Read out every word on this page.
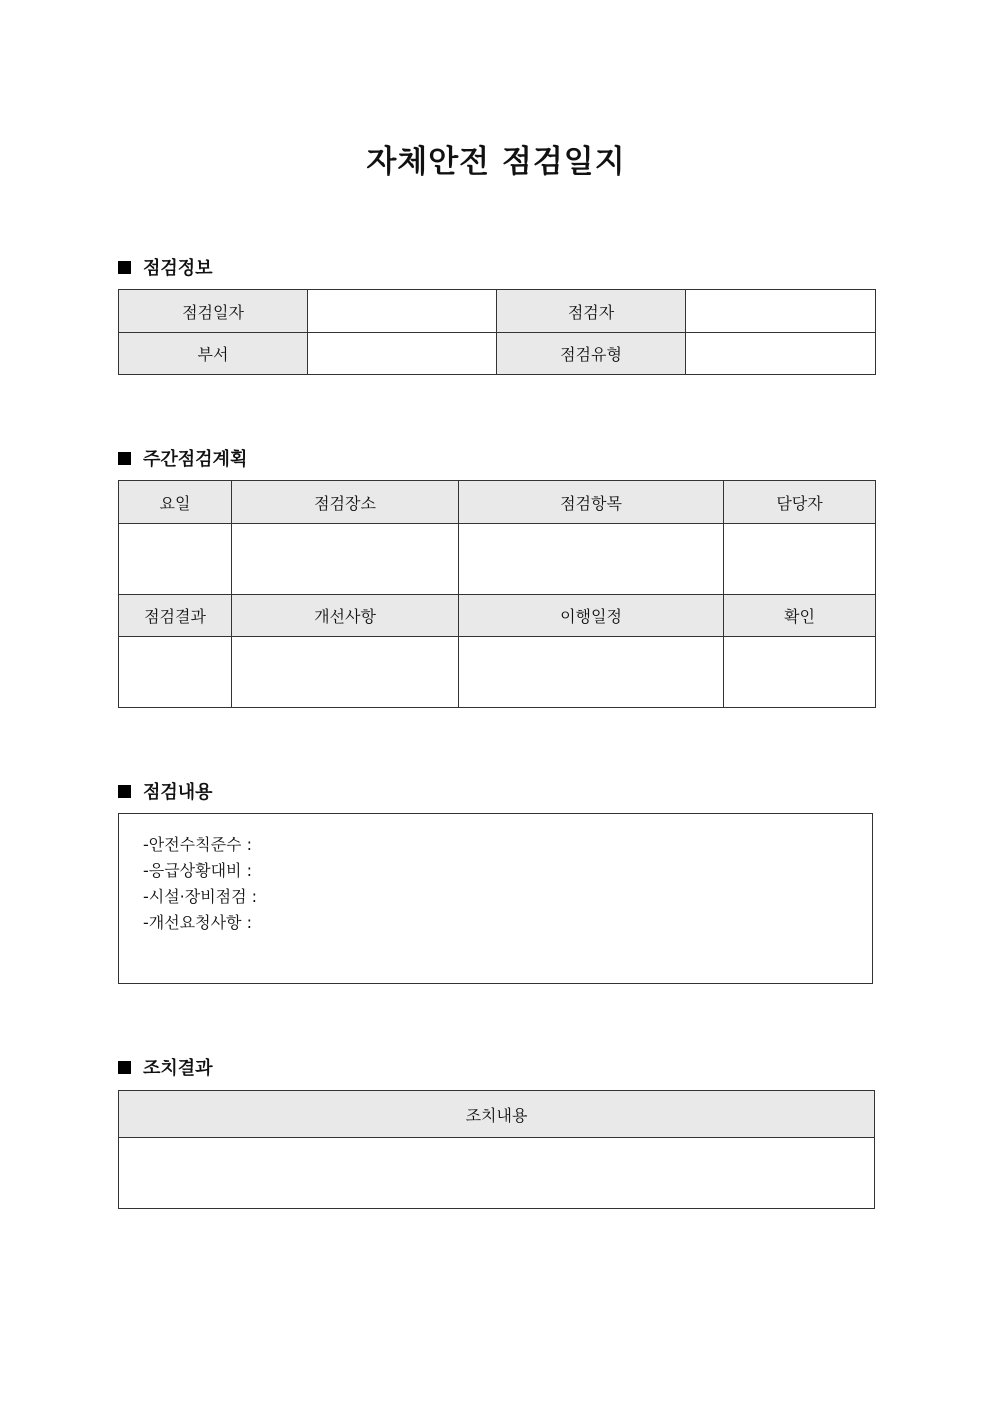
자체안전 점검일지
점검정보
점검일자		점검자	
부서		점검유형	
주간점검계획
요일	점검장소	점검항목	담당자

점검결과	개선사항	이행일정	확인

점검내용
-안전수칙준수 :
-응급상황대비 :
-시설·장비점검 :
-개선요청사항 :
조치결과
조치내용
